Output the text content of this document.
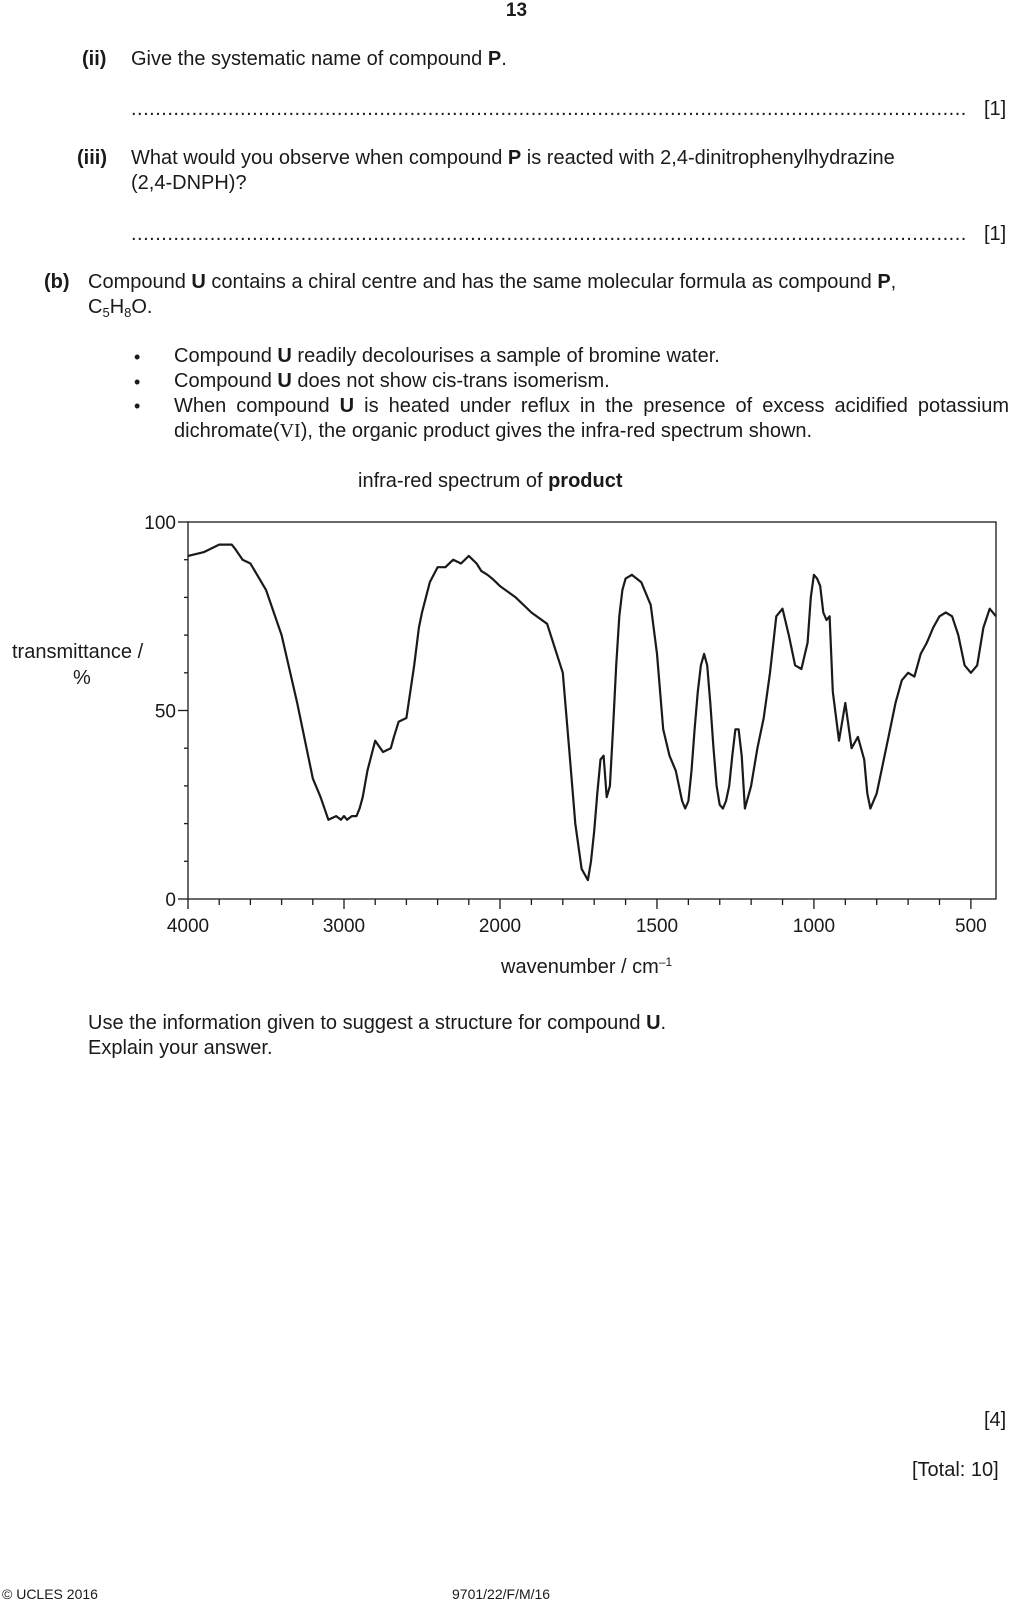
13
(ii) Give the systematic name of compound P.
.......................................................................................................................................... [1]
(iii) What would you observe when compound P is reacted with 2,4-dinitrophenylhydrazine
(2,4-DNPH)?
.......................................................................................................................................... [1]
(b) Compound U contains a chiral centre and has the same molecular formula as compound P,
$C_5H_8O$.
• Compound U readily decolourises a sample of bromine water.
• Compound U does not show cis-trans isomerism.
• When compound U is heated under reflux in the presence of excess acidified potassium dichromate(VI), the organic product gives the infra-red spectrum shown.
infra-red spectrum of product
transmittance /
%
0
50
100
4000	3000	2000	1500	1000	500
wavenumber / $cm^{-1}$
Use the information given to suggest a structure for compound U.
Explain your answer.
[4]
[Total: 10]
© UCLES 2016	9701/22/F/M/16
